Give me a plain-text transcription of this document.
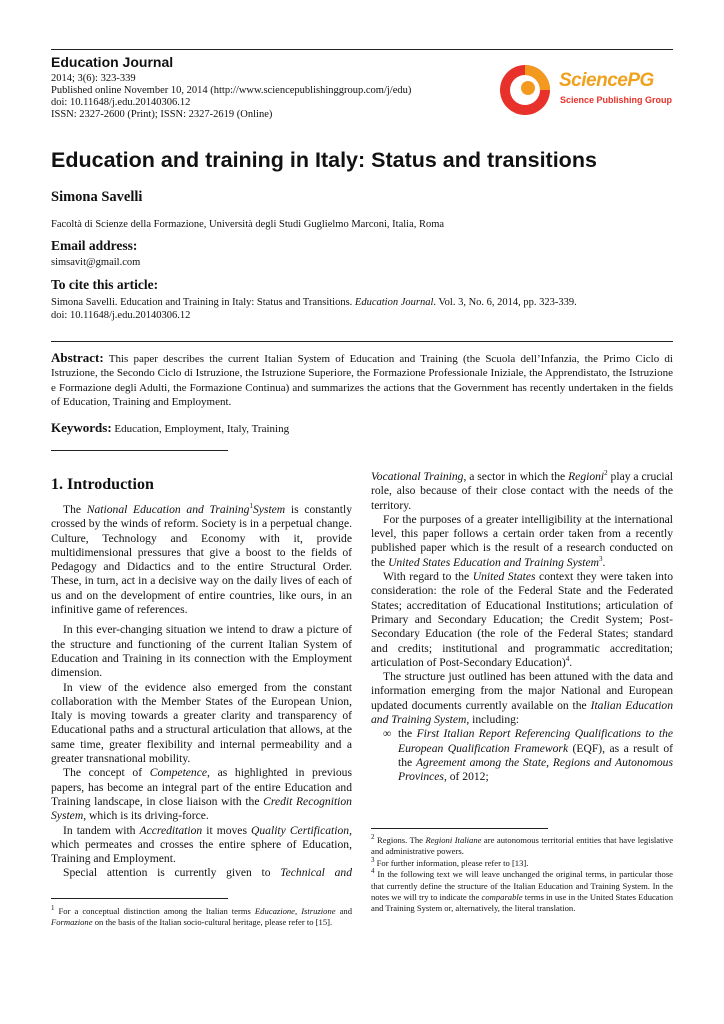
Education Journal
2014; 3(6): 323-339
Published online November 10, 2014 (http://www.sciencepublishinggroup.com/j/edu)
doi: 10.11648/j.edu.20140306.12
ISSN: 2327-2600 (Print); ISSN: 2327-2619 (Online)
SciencePG
Science Publishing Group
Education and training in Italy: Status and transitions
Simona Savelli
Facoltà di Scienze della Formazione, Università degli Studi Guglielmo Marconi, Italia, Roma
Email address:
simsavit@gmail.com
To cite this article:
Simona Savelli. Education and Training in Italy: Status and Transitions. Education Journal. Vol. 3, No. 6, 2014, pp. 323-339.
doi: 10.11648/j.edu.20140306.12

Abstract: This paper describes the current Italian System of Education and Training (the Scuola dell’Infanzia, the Primo Ciclo di Istruzione, the Secondo Ciclo di Istruzione, the Istruzione Superiore, the Formazione Professionale Iniziale, the Apprendistato, the Istruzione e Formazione degli Adulti, the Formazione Continua) and summarizes the actions that the Government has recently undertaken in the fields of Education, Training and Employment.

Keywords: Education, Employment, Italy, Training
1. Introduction

The National Education and Training$^1$System is constantly crossed by the winds of reform. Society is in a perpetual change. Culture, Technology and Economy with it, provide multidimensional pressures that give a boost to the fields of Pedagogy and Didactics and to the entire Structural Order. These, in turn, act in a decisive way on the daily lives of each of us and on the development of entire countries, like ours, in an infinitive game of references.

In this ever-changing situation we intend to draw a picture of the structure and functioning of the current Italian System of Education and Training in its connection with the Employment dimension.

In view of the evidence also emerged from the constant collaboration with the Member States of the European Union, Italy is moving towards a greater clarity and transparency of Educational paths and a structural articulation that allows, at the same time, greater flexibility and internal permeability and a greater transnational mobility.

The concept of Competence, as highlighted in previous papers, has become an integral part of the entire Education and Training landscape, in close liaison with the Credit Recognition System, which is its driving-force.

In tandem with Accreditation it moves Quality Certification, which permeates and crosses the entire sphere of Education, Training and Employment.

Special attention is currently given to Technical and

$^1$ For a conceptual distinction among the Italian terms Educazione, Istruzione and Formazione on the basis of the Italian socio-cultural heritage, please refer to [15].

Vocational Training, a sector in which the Regioni$^2$ play a crucial role, also because of their close contact with the needs of the territory.

For the purposes of a greater intelligibility at the international level, this paper follows a certain order taken from a recently published paper which is the result of a research conducted on the United States Education and Training System$^3$.

With regard to the United States context they were taken into consideration: the role of the Federal State and the Federated States; accreditation of Educational Institutions; articulation of Primary and Secondary Education; the Credit System; Post-Secondary Education (the role of the Federal States; standard and credits; institutional and programmatic accreditation; articulation of Post-Secondary Education)$^4$.

The structure just outlined has been attuned with the data and information emerging from the major National and European updated documents currently available on the Italian Education and Training System, including:

∞ the First Italian Report Referencing Qualifications to the European Qualification Framework (EQF), as a result of the Agreement among the State, Regions and Autonomous Provinces, of 2012;

$^2$ Regions. The Regioni Italiane are autonomous territorial entities that have legislative and administrative powers.

$^3$ For further information, please refer to [13].

$^4$ In the following text we will leave unchanged the original terms, in particular those that currently define the structure of the Italian Education and Training System. In the notes we will try to indicate the comparable terms in use in the United States Education and Training System or, alternatively, the literal translation.
